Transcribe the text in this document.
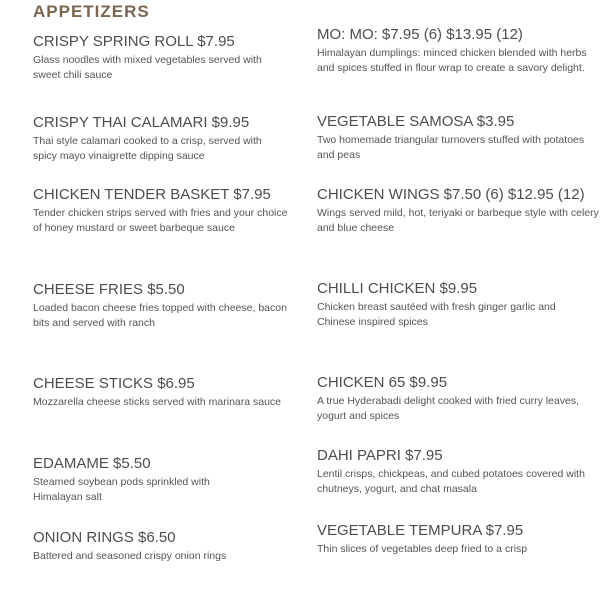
APPETIZERS

CRISPY SPRING ROLL $7.95

Glass noodles with mixed vegetables served with sweet chili sauce

CRISPY THAI CALAMARI $9.95

Thai style calamari cooked to a crisp, served with spicy mayo vinaigrette dipping sauce

CHICKEN TENDER BASKET $7.95

Tender chicken strips served with fries and your choice of honey mustard or sweet barbeque sauce

CHEESE FRIES $5.50

Loaded bacon cheese fries topped with cheese, bacon bits and served with ranch

CHEESE STICKS $6.95

Mozzarella cheese sticks served with marinara sauce

EDAMAME $5.50

Steamed soybean pods sprinkled with Himalayan salt

ONION RINGS $6.50

Battered and seasoned crispy onion rings

MO: MO: $7.95 (6) $13.95 (12)

Himalayan dumplings: minced chicken blended with herbs and spices stuffed in flour wrap to create a savory delight.

VEGETABLE SAMOSA $3.95

Two homemade triangular turnovers stuffed with potatoes and peas

CHICKEN WINGS $7.50 (6) $12.95 (12)

Wings served mild, hot, teriyaki or barbeque style with celery and blue cheese

CHILLI CHICKEN $9.95

Chicken breast sautéed with fresh ginger garlic and Chinese inspired spices

CHICKEN 65 $9.95

A true Hyderabadi delight cooked with fried curry leaves, yogurt and spices

DAHI PAPRI $7.95

Lentil crisps, chickpeas, and cubed potatoes covered with chutneys, yogurt, and chat masala

VEGETABLE TEMPURA $7.95

Thin slices of vegetables deep fried to a crisp
